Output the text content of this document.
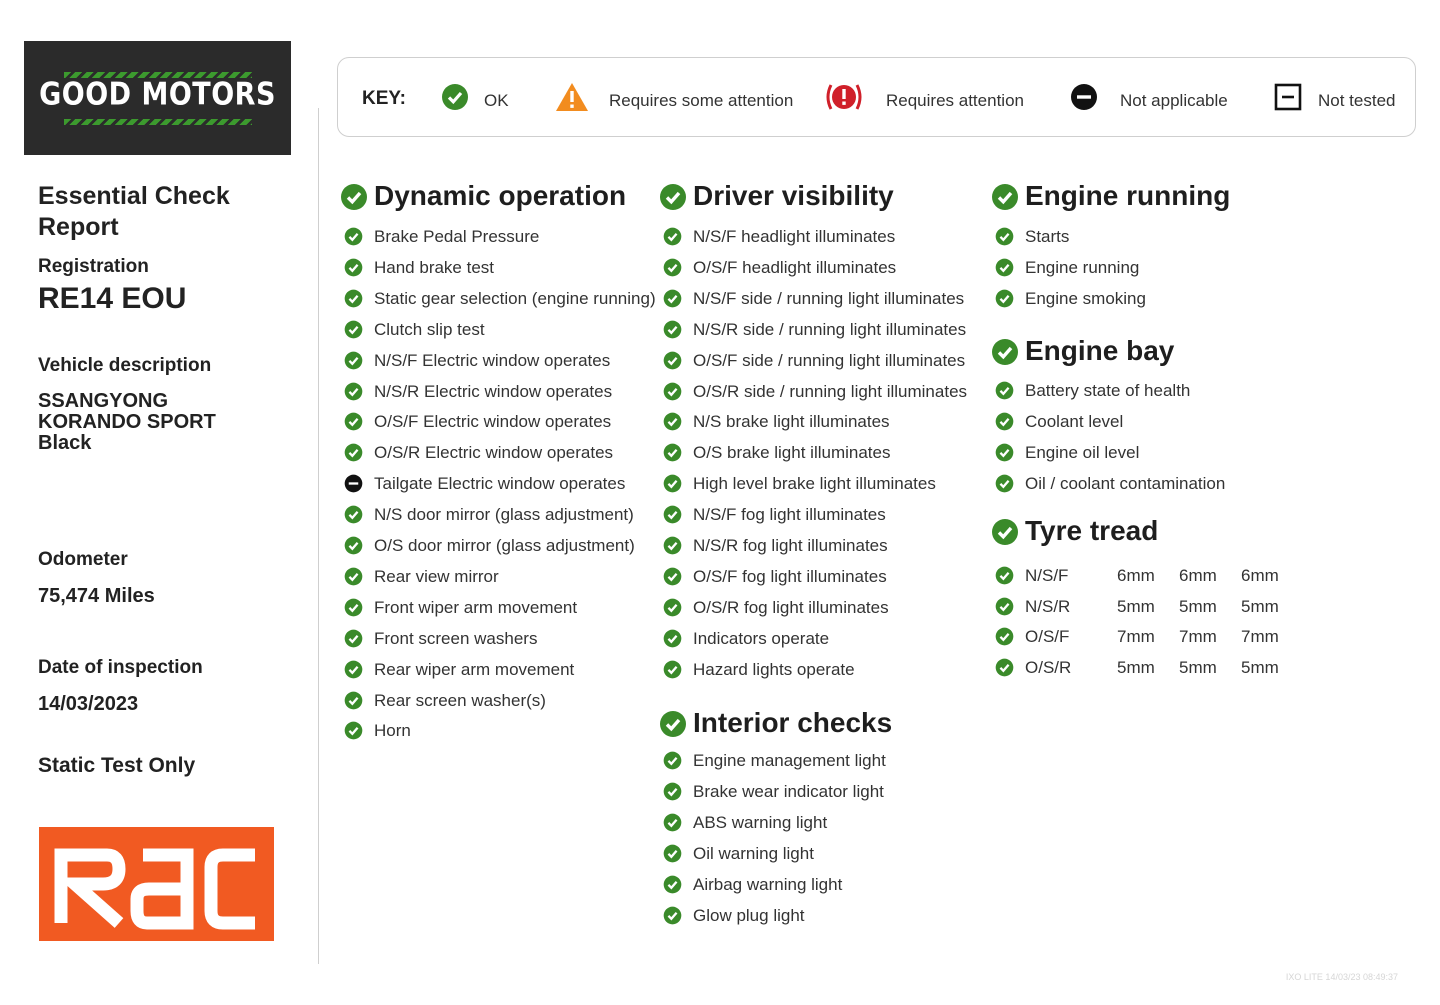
GOOD MOTORS
Essential Check Report
Registration
RE14 EOU
Vehicle description
SSANGYONG
KORANDO SPORT
Black
Odometer
75,474 Miles
Date of inspection
14/03/2023
Static Test Only
KEY:	OK	Requires some attention	Requires attention	Not applicable	Not tested
Dynamic operation
Brake Pedal Pressure
Hand brake test
Static gear selection (engine running)
Clutch slip test
N/S/F Electric window operates
N/S/R Electric window operates
O/S/F Electric window operates
O/S/R Electric window operates
Tailgate Electric window operates
N/S door mirror (glass adjustment)
O/S door mirror (glass adjustment)
Rear view mirror
Front wiper arm movement
Front screen washers
Rear wiper arm movement
Rear screen washer(s)
Horn
Driver visibility
N/S/F headlight illuminates
O/S/F headlight illuminates
N/S/F side / running light illuminates
N/S/R side / running light illuminates
O/S/F side / running light illuminates
O/S/R side / running light illuminates
N/S brake light illuminates
O/S brake light illuminates
High level brake light illuminates
N/S/F fog light illuminates
N/S/R fog light illuminates
O/S/F fog light illuminates
O/S/R fog light illuminates
Indicators operate
Hazard lights operate
Interior checks
Engine management light
Brake wear indicator light
ABS warning light
Oil warning light
Airbag warning light
Glow plug light
Engine running
Starts
Engine running
Engine smoking
Engine bay
Battery state of health
Coolant level
Engine oil level
Oil / coolant contamination
Tyre tread
N/S/F	6mm 6mm 6mm
N/S/R	5mm 5mm 5mm
O/S/F	7mm 7mm 7mm
O/S/R	5mm 5mm 5mm
IXO LITE 14/03/23 08:49:37
